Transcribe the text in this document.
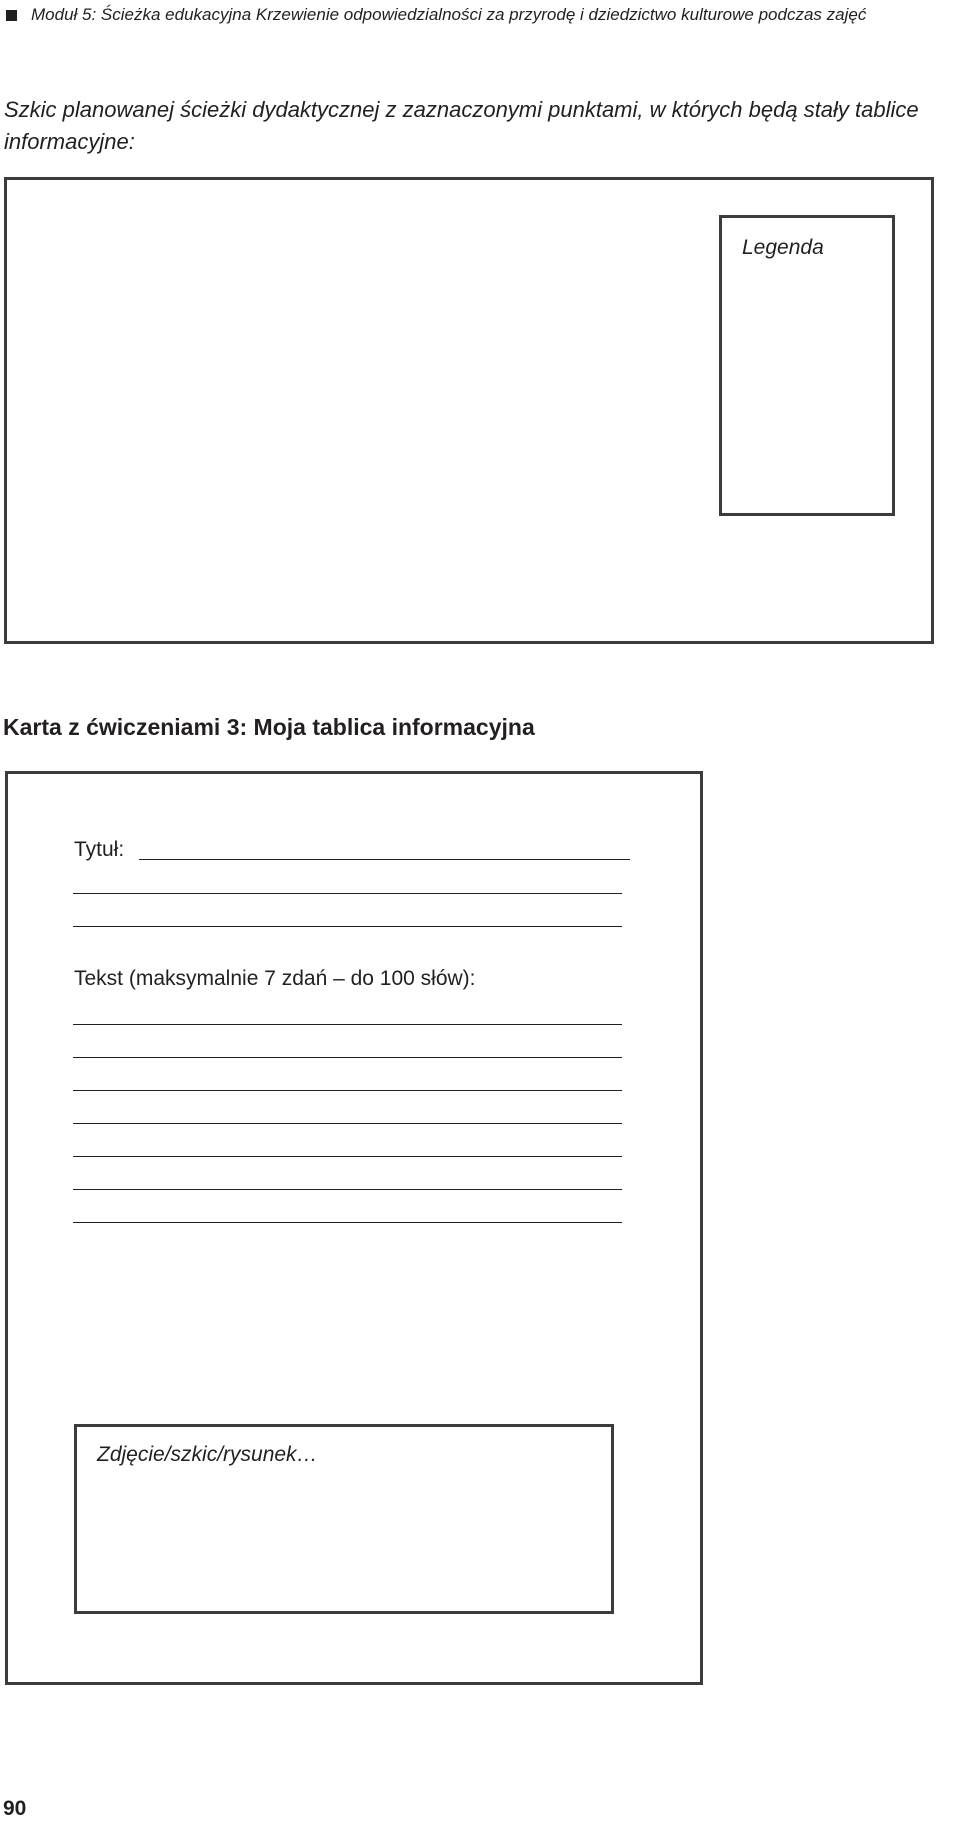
Moduł 5: Ścieżka edukacyjna Krzewienie odpowiedzialności za przyrodę i dziedzictwo kulturowe podczas zajęć
Szkic planowanej ścieżki dydaktycznej z zaznaczonymi punktami, w których będą stały tablice informacyjne:
Legenda
Karta z ćwiczeniami 3: Moja tablica informacyjna
Tytuł:
Tekst (maksymalnie 7 zdań – do 100 słów):
Zdjęcie/szkic/rysunek…
90
